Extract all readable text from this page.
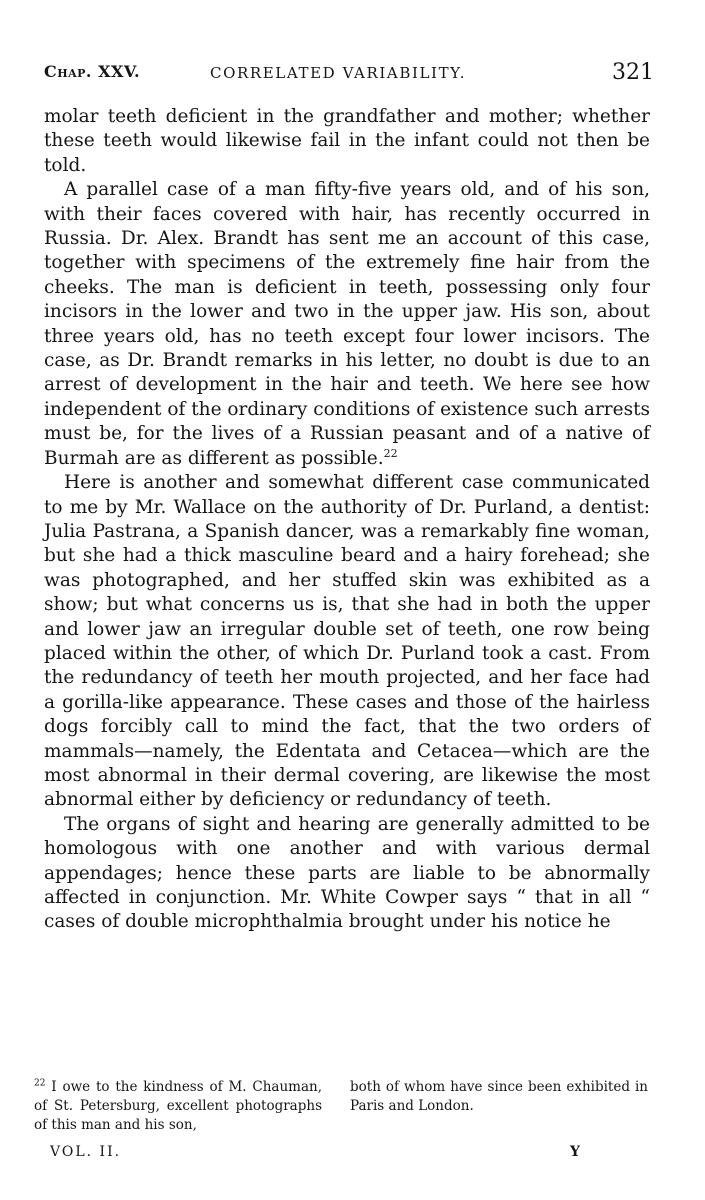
Chap. XXV.	CORRELATED VARIABILITY.	321

molar teeth deficient in the grandfather and mother; whether these teeth would likewise fail in the infant could not then be told.

A parallel case of a man fifty-five years old, and of his son, with their faces covered with hair, has recently occurred in Russia. Dr. Alex. Brandt has sent me an account of this case, together with specimens of the extremely fine hair from the cheeks. The man is deficient in teeth, possessing only four incisors in the lower and two in the upper jaw. His son, about three years old, has no teeth except four lower incisors. The case, as Dr. Brandt remarks in his letter, no doubt is due to an arrest of development in the hair and teeth. We here see how independent of the ordinary conditions of existence such arrests must be, for the lives of a Russian peasant and of a native of Burmah are as different as possible.$^{22}$

Here is another and somewhat different case communicated to me by Mr. Wallace on the authority of Dr. Purland, a dentist: Julia Pastrana, a Spanish dancer, was a remarkably fine woman, but she had a thick masculine beard and a hairy forehead; she was photographed, and her stuffed skin was exhibited as a show; but what concerns us is, that she had in both the upper and lower jaw an irregular double set of teeth, one row being placed within the other, of which Dr. Purland took a cast. From the redundancy of teeth her mouth projected, and her face had a gorilla-like appearance. These cases and those of the hairless dogs forcibly call to mind the fact, that the two orders of mammals—namely, the Edentata and Cetacea—which are the most abnormal in their dermal covering, are likewise the most abnormal either by deficiency or redundancy of teeth.

The organs of sight and hearing are generally admitted to be homologous with one another and with various dermal appendages; hence these parts are liable to be abnormally affected in conjunction. Mr. White Cowper says “ that in all “ cases of double microphthalmia brought under his notice he

$^{22}$ I owe to the kindness of M. Chauman, of St. Petersburg, excellent photographs of this man and his son,
both of whom have since been exhibited in Paris and London.
VOL. II.	Y
